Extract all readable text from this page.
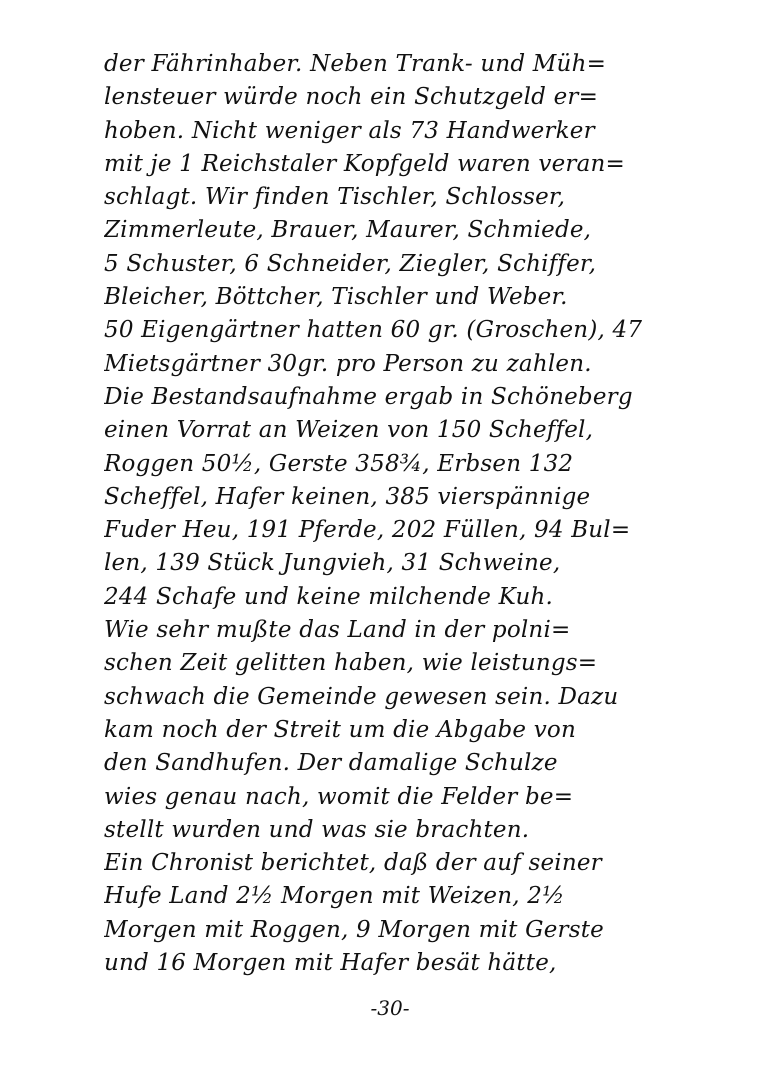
der Fährinhaber. Neben Trank- und Müh=
lensteuer würde noch ein Schutzgeld er=
hoben. Nicht weniger als 73 Handwerker
mit je 1 Reichstaler Kopfgeld waren veran=
schlagt. Wir finden Tischler, Schlosser,
Zimmerleute, Brauer, Maurer, Schmiede,
5 Schuster, 6 Schneider, Ziegler, Schiffer,
Bleicher, Böttcher, Tischler und Weber.
50 Eigengärtner hatten 60 gr. (Groschen), 47
Mietsgärtner 30gr. pro Person zu zahlen.
Die Bestandsaufnahme ergab in Schöneberg
einen Vorrat an Weizen von 150 Scheffel,
Roggen 50½, Gerste 358¾, Erbsen 132
Scheffel, Hafer keinen, 385 vierspännige
Fuder Heu, 191 Pferde, 202 Füllen, 94 Bul=
len, 139 Stück Jungvieh, 31 Schweine,
244 Schafe und keine milchende Kuh.
Wie sehr mußte das Land in der polni=
schen Zeit gelitten haben, wie leistungs=
schwach die Gemeinde gewesen sein. Dazu
kam noch der Streit um die Abgabe von
den Sandhufen. Der damalige Schulze
wies genau nach, womit die Felder be=
stellt wurden und was sie brachten.
Ein Chronist berichtet, daß der auf seiner
Hufe Land 2½ Morgen mit Weizen, 2½
Morgen mit Roggen, 9 Morgen mit Gerste
und 16 Morgen mit Hafer besät hätte,
-30-
